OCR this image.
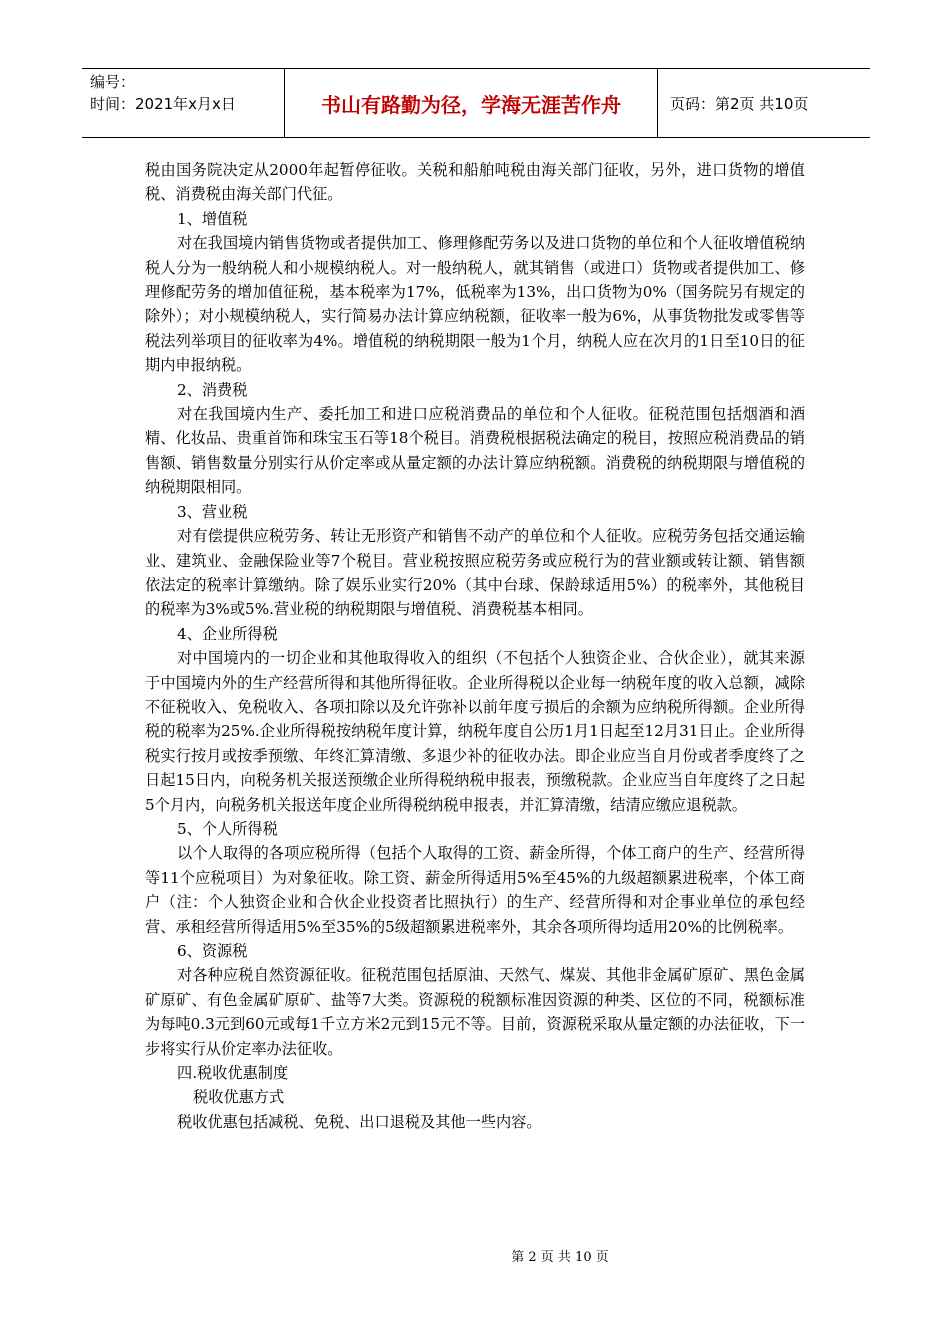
编号：
时间：2021年x月x日	书山有路勤为径，学海无涯苦作舟	页码：第2页 共10页

税由国务院决定从2000年起暂停征收。关税和船舶吨税由海关部门征收，另外，进口货物的增值税、消费税由海关部门代征。

1、增值税

对在我国境内销售货物或者提供加工、修理修配劳务以及进口货物的单位和个人征收增值税纳税人分为一般纳税人和小规模纳税人。对一般纳税人，就其销售（或进口）货物或者提供加工、修理修配劳务的增加值征税，基本税率为17%，低税率为13%，出口货物为0%（国务院另有规定的除外）；对小规模纳税人，实行简易办法计算应纳税额，征收率一般为6%，从事货物批发或零售等税法列举项目的征收率为4%。增值税的纳税期限一般为1个月，纳税人应在次月的1日至10日的征期内申报纳税。

2、消费税

对在我国境内生产、委托加工和进口应税消费品的单位和个人征收。征税范围包括烟酒和酒精、化妆品、贵重首饰和珠宝玉石等18个税目。消费税根据税法确定的税目，按照应税消费品的销售额、销售数量分别实行从价定率或从量定额的办法计算应纳税额。消费税的纳税期限与增值税的纳税期限相同。

3、营业税

对有偿提供应税劳务、转让无形资产和销售不动产的单位和个人征收。应税劳务包括交通运输业、建筑业、金融保险业等7个税目。营业税按照应税劳务或应税行为的营业额或转让额、销售额依法定的税率计算缴纳。除了娱乐业实行20%（其中台球、保龄球适用5%）的税率外，其他税目的税率为3%或5%.营业税的纳税期限与增值税、消费税基本相同。

4、企业所得税

对中国境内的一切企业和其他取得收入的组织（不包括个人独资企业、合伙企业），就其来源于中国境内外的生产经营所得和其他所得征收。企业所得税以企业每一纳税年度的收入总额，减除不征税收入、免税收入、各项扣除以及允许弥补以前年度亏损后的余额为应纳税所得额。企业所得税的税率为25%.企业所得税按纳税年度计算，纳税年度自公历1月1日起至12月31日止。企业所得税实行按月或按季预缴、年终汇算清缴、多退少补的征收办法。即企业应当自月份或者季度终了之日起15日内，向税务机关报送预缴企业所得税纳税申报表，预缴税款。企业应当自年度终了之日起5个月内，向税务机关报送年度企业所得税纳税申报表，并汇算清缴，结清应缴应退税款。

5、个人所得税

以个人取得的各项应税所得（包括个人取得的工资、薪金所得，个体工商户的生产、经营所得等11个应税项目）为对象征收。除工资、薪金所得适用5%至45%的九级超额累进税率，个体工商户（注：个人独资企业和合伙企业投资者比照执行）的生产、经营所得和对企事业单位的承包经营、承租经营所得适用5%至35%的5级超额累进税率外，其余各项所得均适用20%的比例税率。

6、资源税

对各种应税自然资源征收。征税范围包括原油、天然气、煤炭、其他非金属矿原矿、黑色金属矿原矿、有色金属矿原矿、盐等7大类。资源税的税额标准因资源的种类、区位的不同，税额标准为每吨0.3元到60元或每1千立方米2元到15元不等。目前，资源税采取从量定额的办法征收，下一步将实行从价定率办法征收。

四.税收优惠制度

税收优惠方式

税收优惠包括减税、免税、出口退税及其他一些内容。

第 2 页 共 10 页
